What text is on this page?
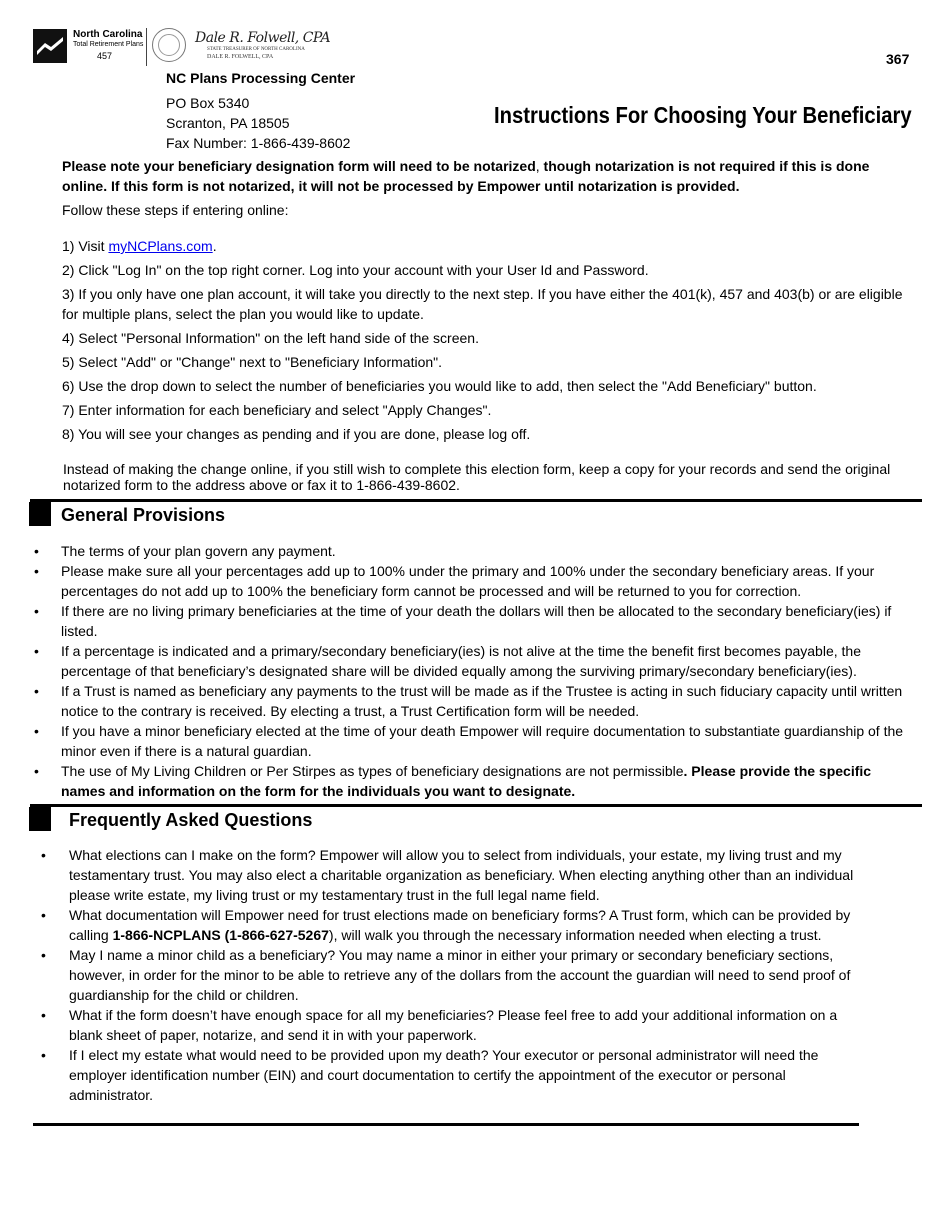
North Carolina
Total Retirement Plans
457
Dale R. Folwell, CPA
STATE TREASURER OF NORTH CAROLINA
DALE R. FOLWELL, CPA	367
NC Plans Processing Center
PO Box 5340
Scranton, PA 18505
Fax Number: 1-866-439-8602
Instructions For Choosing Your Beneficiary
Please note your beneficiary designation form will need to be notarized, though notarization is not required if this is done online. If this form is not notarized, it will not be processed by Empower until notarization is provided.
Follow these steps if entering online:
1) Visit myNCPlans.com.
2) Click "Log In" on the top right corner. Log into your account with your User Id and Password.
3) If you only have one plan account, it will take you directly to the next step. If you have either the 401(k), 457 and 403(b) or are eligible for multiple plans, select the plan you would like to update.
4) Select "Personal Information" on the left hand side of the screen.
5) Select "Add" or "Change" next to "Beneficiary Information".
6) Use the drop down to select the number of beneficiaries you would like to add, then select the "Add Beneficiary" button.
7) Enter information for each beneficiary and select "Apply Changes".
8) You will see your changes as pending and if you are done, please log off.
Instead of making the change online, if you still wish to complete this election form, keep a copy for your records and send the original notarized form to the address above or fax it to 1-866-439-8602.
General Provisions
• The terms of your plan govern any payment.
• Please make sure all your percentages add up to 100% under the primary and 100% under the secondary beneficiary areas. If your percentages do not add up to 100% the beneficiary form cannot be processed and will be returned to you for correction.
• If there are no living primary beneficiaries at the time of your death the dollars will then be allocated to the secondary beneficiary(ies) if listed.
• If a percentage is indicated and a primary/secondary beneficiary(ies) is not alive at the time the benefit first becomes payable, the percentage of that beneficiary’s designated share will be divided equally among the surviving primary/secondary beneficiary(ies).
• If a Trust is named as beneficiary any payments to the trust will be made as if the Trustee is acting in such fiduciary capacity until written notice to the contrary is received. By electing a trust, a Trust Certification form will be needed.
• If you have a minor beneficiary elected at the time of your death Empower will require documentation to substantiate guardianship of the minor even if there is a natural guardian.
• The use of My Living Children or Per Stirpes as types of beneficiary designations are not permissible. Please provide the specific names and information on the form for the individuals you want to designate.
Frequently Asked Questions
• What elections can I make on the form? Empower will allow you to select from individuals, your estate, my living trust and my testamentary trust. You may also elect a charitable organization as beneficiary. When electing anything other than an individual please write estate, my living trust or my testamentary trust in the full legal name field.
• What documentation will Empower need for trust elections made on beneficiary forms? A Trust form, which can be provided by calling 1-866-NCPLANS (1-866-627-5267), will walk you through the necessary information needed when electing a trust.
• May I name a minor child as a beneficiary? You may name a minor in either your primary or secondary beneficiary sections, however, in order for the minor to be able to retrieve any of the dollars from the account the guardian will need to send proof of guardianship for the child or children.
• What if the form doesn’t have enough space for all my beneficiaries? Please feel free to add your additional information on a blank sheet of paper, notarize, and send it in with your paperwork.
• If I elect my estate what would need to be provided upon my death? Your executor or personal administrator will need the employer identification number (EIN) and court documentation to certify the appointment of the executor or personal administrator.
